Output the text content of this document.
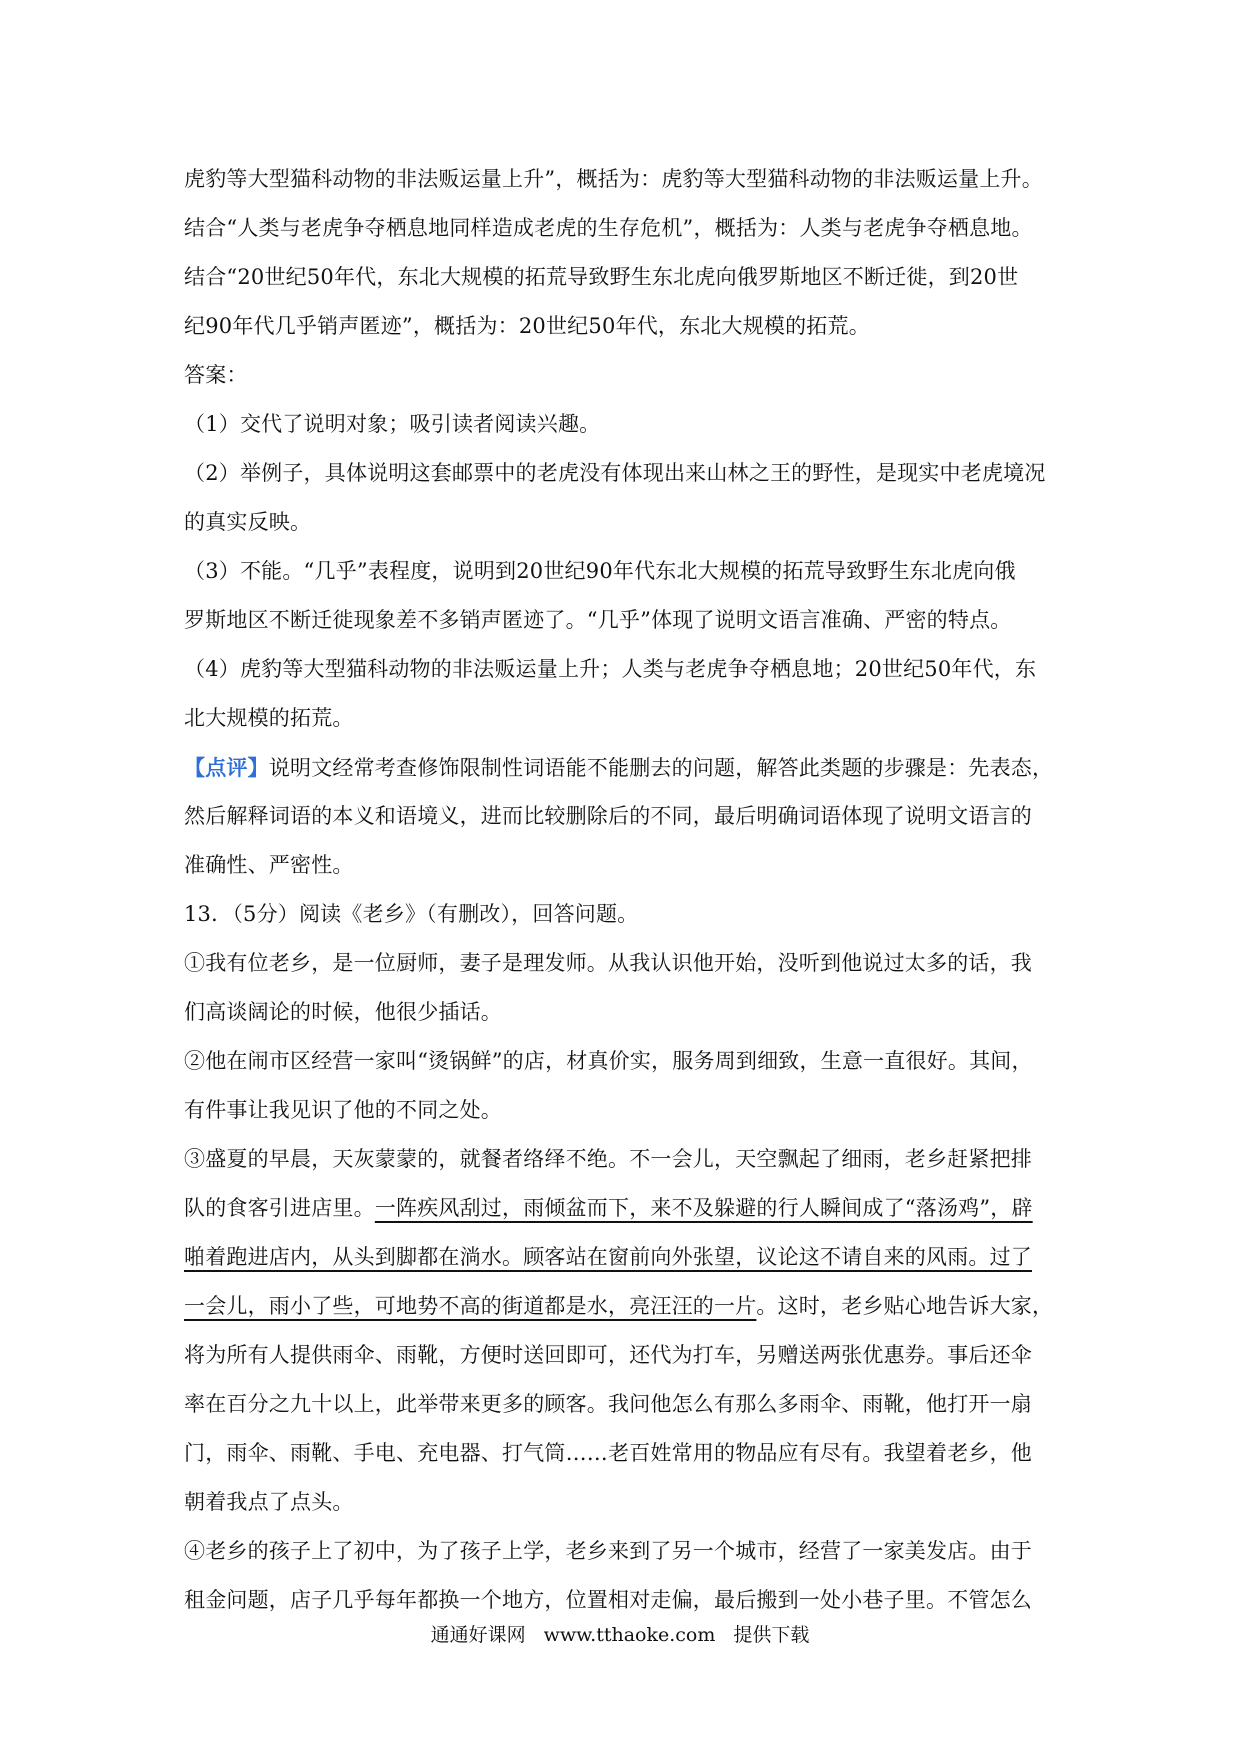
虎豹等大型猫科动物的非法贩运量上升”，概括为：虎豹等大型猫科动物的非法贩运量上升。
结合“人类与老虎争夺栖息地同样造成老虎的生存危机”，概括为：人类与老虎争夺栖息地。
结合“20世纪50年代，东北大规模的拓荒导致野生东北虎向俄罗斯地区不断迁徙，到20世
纪90年代几乎销声匿迹”，概括为：20世纪50年代，东北大规模的拓荒。
答案：
（1）交代了说明对象；吸引读者阅读兴趣。
（2）举例子，具体说明这套邮票中的老虎没有体现出来山林之王的野性，是现实中老虎境况
的真实反映。
（3）不能。“几乎”表程度，说明到20世纪90年代东北大规模的拓荒导致野生东北虎向俄
罗斯地区不断迁徙现象差不多销声匿迹了。“几乎”体现了说明文语言准确、严密的特点。
（4）虎豹等大型猫科动物的非法贩运量上升；人类与老虎争夺栖息地；20世纪50年代，东
北大规模的拓荒。
【点评】说明文经常考查修饰限制性词语能不能删去的问题，解答此类题的步骤是：先表态，
然后解释词语的本义和语境义，进而比较删除后的不同，最后明确词语体现了说明文语言的
准确性、严密性。
13．（5分）阅读《老乡》（有删改），回答问题。
①我有位老乡，是一位厨师，妻子是理发师。从我认识他开始，没听到他说过太多的话，我
们高谈阔论的时候，他很少插话。
②他在闹市区经营一家叫“烫锅鲜”的店，材真价实，服务周到细致，生意一直很好。其间，
有件事让我见识了他的不同之处。
③盛夏的早晨，天灰蒙蒙的，就餐者络绎不绝。不一会儿，天空飘起了细雨，老乡赶紧把排
队的食客引进店里。一阵疾风刮过，雨倾盆而下，来不及躲避的行人瞬间成了“落汤鸡”，辟
啪着跑进店内，从头到脚都在淌水。顾客站在窗前向外张望，议论这不请自来的风雨。过了
一会儿，雨小了些，可地势不高的街道都是水，亮汪汪的一片。这时，老乡贴心地告诉大家，
将为所有人提供雨伞、雨靴，方便时送回即可，还代为打车，另赠送两张优惠券。事后还伞
率在百分之九十以上，此举带来更多的顾客。我问他怎么有那么多雨伞、雨靴，他打开一扇
门，雨伞、雨靴、手电、充电器、打气筒……老百姓常用的物品应有尽有。我望着老乡，他
朝着我点了点头。
④老乡的孩子上了初中，为了孩子上学，老乡来到了另一个城市，经营了一家美发店。由于
租金问题，店子几乎每年都换一个地方，位置相对走偏，最后搬到一处小巷子里。不管怎么
通通好课网 www.tthaoke.com 提供下载
